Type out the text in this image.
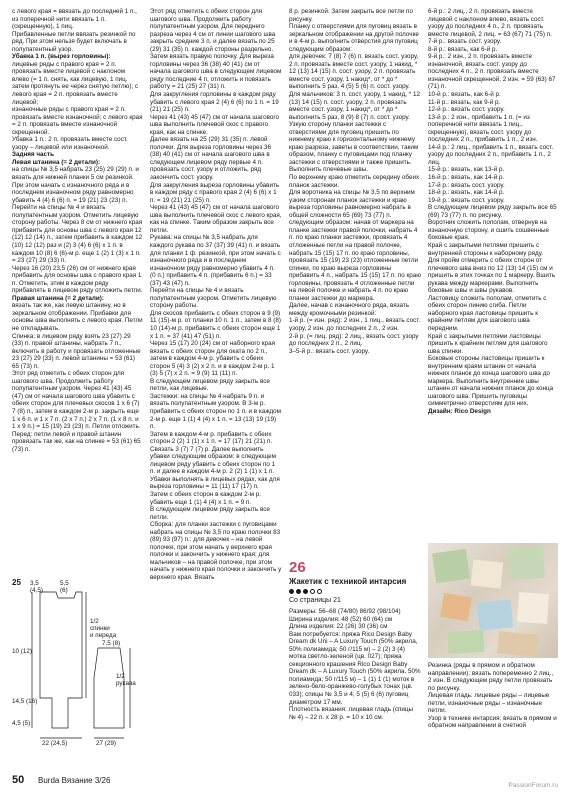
с левого края = ввязать до последней 1 п., из поперечной нити ввязать 1 п. (скрещенную), 1 пиц.

Прибавленные петли ввязать резинкой по ряд. При этом нельзя будет включать в полупатентный узор.

Убавка 1 п. (вырез горловины):

лицевые ряды с правого края = 2 п. провязать вместе лицевой с наклоном влево (= 1 п. снять, как лицевую, 1 пиц. затем протянуть ее через снятую петлю); с левого края = 2 п. провязать вместе лицевой;

изнаночные ряды с правого края = 2 п. провязать вместе изнаночной; с левого края = 2 п. провязать вместе изнаночной скрещенной.

Убавка 1 п.: 2 п. провязать вместе сост. узору – лицевой или изнаночной.

Задняя часть

Левая штанина (= 2 детали):

на спицы № 3,5 набрать 23 (25) 29 (29) п. и вязать для нижней планки 5 см резинкой. При этом начать с изнаночного ряда и в последнем изнаночном ряду равномерно убавить 4 (4) 6 (6) п. = 19 (21) 23 (23) п.

Перейти на спицы № 4 и вязать полупатентным узором. Отметить лицевую сторону работы. Через 8 см от нижнего края прибавить для основы шва с левого края 12 (12) 12 (14) п., затем прибавить в каждом 12 (10) 12 (12) раз и (2) 3 (4) 6 (6) х 1 п. в каждом 10 (8) 6 (6)-м р. еще 1 (2) 1 (3) х 1 п. = 23 (27) 29 (33) п.

Через 16 (20) 23,5 (26) см от нижнего края прибавить для основы шва с правого края 1 п. Отметить, этим в каждом ряду прибавлять в лицевом ряду отложить петли.

Правая штанина (= 2 детали):

вязать так же, как левую штанину, но в зеркальном отображении. Прибавки для основы шва выполнять с левого края. Петли не откладывать.

Спинка: в лицевом ряду взять 23 (27) 29 (33) п. правой штанины, набрать 7 п., включить в работу и провязать отложенные 23 (27) 29 (33) п. левой штанины = 53 (61) 65 (73) п.

Этот ряд отметить с обеих сторон для шагового шва. Продолжить работу полупатентным узором. Через 41 (43) 45 (47) см от начала шагового шва убавить с обеих сторон для плечевых скосов 1 х 6 (7) 7 (8) п., затем в каждом 2-м р. закрыть еще 1 х 6 п. и 1 х 7 п. (2 х 7 п.) 2 х 7 п. (1 х 8 п. и 1 х 9 п.) = 15 (19) 23 (23) п. Петли отложить.

Перед: петли левой и правой штанин провязать так же, как на спинке = 53 (61) 65 (73) п.

Этот ряд отметить с обеих сторон для шагового шва. Продолжить работу полупатентным узором. Для переднего разреза через 4 см от линии шагового шва закрыть средние 3 п. и далее вязать по 25 (29) 31 (35) п. каждой стороны раздельно. Затем вязать правую полочку. Для выреза горловины через 36 (38) 40 (41) см от начала шагового шва в следующем лицевом ряду последние 4 п. отложить и повязать работу = 21 (25) 27 (31) п.

Для закругления горловины в каждом ряду убавить с левого края 2 (4) 6 (6) по 1 п. = 19 (21) 21 (25) п.

Через 41 (43) 45 (47) см от начала шагового шва выполнить плечевой скос с правого края, как на спинке.

Далее вязать на 25 (29) 31 (35) п. левой полочки. Для выреза горловины через 36 (38) 40 (41) см от начала шагового шва в следующем лицевом ряду первые 4 п. провязать сост. узору и отложить, ряд закончить сост. узору.

Для закругления выреза горловины убавить в каждом ряду с правого края 2 (4) 6 (6) х 1 п. = 19 (21) 21 (25) п.

Через 41 (43) 45 (47) см от начала шагового шва выполнить плечевой скос с левого края, как на спинке. Таким образом закрыть все петли.

Рукава: на спицы № 3,5 набрать для каждого рукава по 37 (37) 39 (41) п. и вязать для планки 1 ф. резинкой, при этом начать с изнаночного ряда и в последнем изнаночном ряду равномерно убавить 4 п. (0 п.) прибавить 4 п. (прибавить 6 п.) = 33 (37) 43 (47) п.

Перейти на спицы № 4 и вязать полупатентным узором. Отметить лицевую сторону работы.

Для скосов прибавить с обеих сторон в 9 (9) 11 (15)-м р. от планки 10 п. 1 п., затем в 8 (8) 10 (14)-м р. прибавить с обеих сторон еще 1 х 1 п. = 37 (41) 47 (51) п.

Через 15 (17) 20 (24) см от наборного края вязать с обеих сторон для оката по 2 п., затем в каждом 4-м р. убавить с обеих сторон 5 (4) 3 (2) х 2 п. и в каждом 2-м р. 1 (3) 5 (7) х 2 п. = 9 (9) 11 (11) п.

В следующем лицевом ряду закрыть все петли, как лицевые.

Застежки: на спицы № 4 набрать 9 п. и вязать полупатентным узором. В 3-м р. прибавить с обеих сторон по 1 п. и в каждом 2-м р. еще 1 (1) 4 (4) х 1 п. = 13 (13) 19 (19) п.

Затем в каждом 4-м р. прибавить с обеих сторон 2 (2) 1 (1) х 1 п. = 17 (17) 21 (21) п.

Связать 3 (7) 7 (7) р. Далее выполнить убавки следующим образом: в следующем лицевом ряду убавить с обеих сторон по 1 п. и далее в каждом 4-м р. 2 (2) 1 (1) х 1 п. Убавки выполнять в лицевых рядах, как для выреза горловины = 11 (11) 17 (17) п.

Затем с обеих сторон в каждом 2-м р. убавить еще 1 (1) 4 (4) х 1 п. = 9 п.

В следующем лицевом ряду закрыть все петли.

Сборка: для планки застежки с пуговицами набрать на спицы № 3,5 по краю полочки 83 (89) 93 (97) п.: для девочек – на левой полочке, при этом начать у верхнего края полочки и закончить у нижнего края; для мальчиков – на правой полочке, при этом начать у нижнего края полочки и закончить у верхнего края. Вязать

8 р. резинкой. Затем закрыть все петли по рисунку.

Планку с отверстиями для пуговиц вязать в зеркальном отображении на другой полочке и в 4-м р. выполнить отверстия для пуговиц следующим образом:

для девочек: 7 (8) 7 (6) п. вязать сост. узору, 2 п. провязать вместе сост. узору, 1 накид, * 12 (13) 14 (15) п. сост. узору, 2 п. провязать вместе сост. узору, 1 накид*, от * до * выполнить 5 раз, 4 (5) 5 (6) п. сост. узору.

Для мальчиков: 3 п. сост. узору, 1 накид, * 12 (13) 14 (15) п. сост. узору, 2 п. провязать вместе сост. узору, 1 накид*, от * до * выполнить 5 раз, 8 (9) 8 (7) п. сост. узору.

Узкую сторону планки застежки с отверстиями для пуговиц пришить по нижнему краю к горизонтальному нижнему краю разреза, заветы в соответствии, таким образом, планку с пуговицами под планку застежки с отверстиями и также пришить.

Выполнить плечевые швы.

По верхнему краю отметить середину обеих планок застежки.

Для воротника на спицы № 3,5 по верхним узким сторонам планок застежки и краю выреза горловины равномерно набрать в общей сложности 65 (69) 73 (77) п. следующим образом: начав от маркера на планке застежки правой полочки, набрать 4 п. по краю планки застежки, провязать 4 отложенные петли на правой полочке, набрать 15 (15) 17 п. по краю горловины, провязать 15 (19) 23 (23) отложенные петли спинки, по краю выреза горловины прибавить 4 п., набрать 15 (15) 17 п. по краю горловины, провязать 4 отложенные петли на левой полочке и набрать 4 п. по краю планки застежки до маркера.

Далее, начав с изнаночного ряда, вязать между кромочными резинкой:

1-й р. (= изн. ряд): 2 изн., 1 лиц., вязать сост. узору, 2 изн. до последних 2 п., 2 изн.

2-й р. (= лиц. ряд): 2 лиц., вязать сост. узору до последних 2 п., 2 лиц.

3–5-й р.: вязать сост. узору.

6-й р.: 2 лиц., 2 п. провязать вместе лицевой с наклоном влево, вязать сост. узору до последних 4 п., 2 п. провязать вместе лицевой, 2 лиц. = 63 (67) 71 (75) п.

7-й р.: вязать сост. узору.

8-й р.: вязать, как 6-й р.

9-й р.: 2 изн., 2 п. провязать вместе изнаночной, вязать сост. узору до последних 4 п., 2 п. провязать вместе изнаночной скрещенной, 2 изн. = 59 (63) 67 (71) п.

10-й р.: вязать, как 6-й р.

11-й р.: вязать, как 9-й р.

12-й р.: вязать сост. узору.

13-й р.: 2 изн., прибавить 1 п. (= из поперечной нити ввязать 1 пиц., скрещенную), вязать сост. узору до последних 2 п., прибавить 1 п., 2 изн.

14-й р.: 2 лиц., прибавить 1 п., вязать сост. узору до последних 2 п., прибавить 1 п., 2 лиц.

15-й р.: вязать, как 13-й р.

16-й р.: вязать, как 14-й р.

17-й р.: вязать сост. узору.

18-й р.: вязать, как 14-й р.

19-й р.: вязать сост. узору.

В следующем лицевом ряду закрыть все 65 (69) 73 (77) п. по рисунку.

Воротник сложить пополам, отвернув на изнаночную сторону, и сшить сошвенные боковые края.

Край с закрытыми петлями пришить с внутренней стороны к наборному ряду.

Для пройм отмерить с обеих сторон от плечевого шва вниз по 12 (13) 14 (15) см и пришить в этих точках по 1 маркеру. Вшить рукава между маркерами. Выполнить боковые швы и швы рукавов.

Ластовицу сложить пополам, отметить с обеих сторон линию сгиба. Петли наборного края ластовицы пришить к крайним петлям для шагового шва передним.

Край с закрытыми петлями ластовицы пришить к крайним петлям для шагового шва спинки.

Боковые стороны ластовицы пришить к внутренним краям штанин от начала нижних планок до конца шагового шва до маркера. Выполнить внутренние швы штанин от начала нижних планок до конца шагового шва. Пришить пуговицы симметрично отверстиям для них.

Дизайн: Rico Design

25 3,5
(4,5)
5,5
(6)
1/2
спинки
и переда
1/2
рукава
22 (24,5)	27 (29)
10 (12)
14,5 (16)
4,5 (5)
7,5 (8)
26
Жакетик с техникой интарсия
Со страницы 21

Размеры: 56–68 (74/80) 86/92 (98/104)

Ширина изделия: 48 (52) 60 (64) см

Длина изделия: 22 (26) 30 (36) см

Вам потребуется: пряжа Rico Design Baby Dream dk Uni – A Luxury Touch (50% акрила, 50% полиамида; 50 г/115 м) – 2 (2) 3 (4) мотка светло-зеленой (цв. 027); пряжа секционного крашения Rico Design Baby Dream dk – A Luxury Touch (50% акрила, 50% полиамида; 50 г/115 м) – 1 (1) 1 (1) моток в зелено-бело-оранжево-голубых тонах (цв. 033); спицы № 3,5 и 4; 5 (5) 6 (6) пуговиц диаметром 17 мм.

Плотность вязания: лицевая гладь (спицы № 4) – 22 п. х 28 р. = 10 х 10 см.

Резинка (ряды в прямом и обратном направлении): вязать попеременно 2 лиц., 2 изн. В следующем ряду петли провязать по рисунку.

Лицевая гладь: лицевые ряды – лицевые петли, изнаночные ряды – изнаночные петли.

Узор в технике интарсия: вязать в прямом и обратном направлении в счетной

50 Burda Вязание 3/26
PassionForum.ru
